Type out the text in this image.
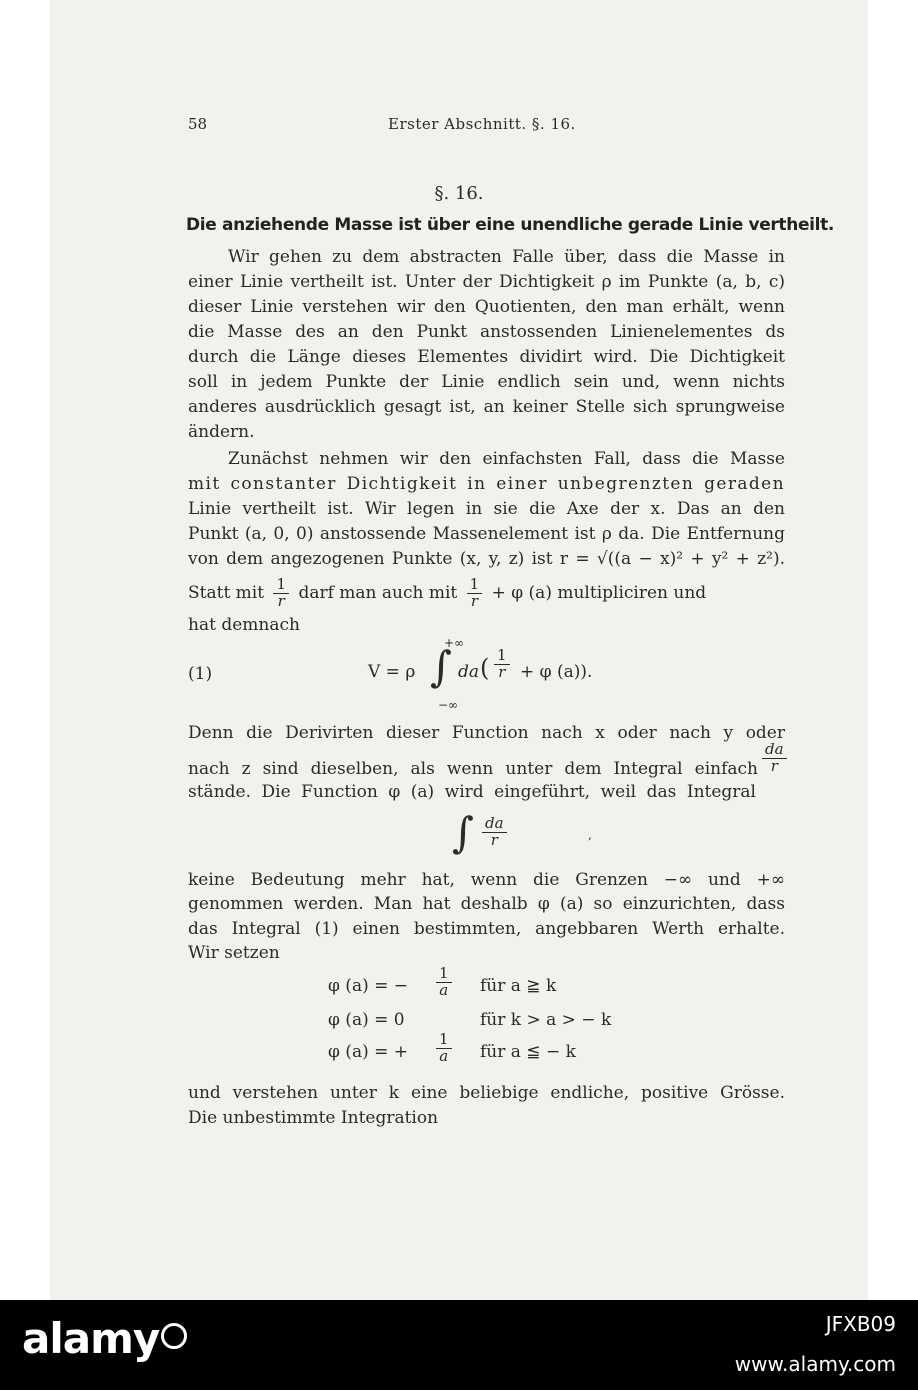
58	Erster Abschnitt. §. 16.
§. 16.
Die anziehende Masse ist über eine unendliche gerade Linie vertheilt.
Wir gehen zu dem abstracten Falle über, dass die Masse in
einer Linie vertheilt ist. Unter der Dichtigkeit ρ im Punkte (a, b, c)
dieser Linie verstehen wir den Quotienten, den man erhält, wenn
die Masse des an den Punkt anstossenden Linienelementes ds
durch die Länge dieses Elementes dividirt wird. Die Dichtigkeit
soll in jedem Punkte der Linie endlich sein und, wenn nichts
anderes ausdrücklich gesagt ist, an keiner Stelle sich sprungweise
ändern.
Zunächst nehmen wir den einfachsten Fall, dass die Masse
mit constanter Dichtigkeit in einer unbegrenzten geraden
Linie vertheilt ist. Wir legen in sie die Axe der x. Das an den
Punkt (a, 0, 0) anstossende Massenelement ist ρ da. Die Entfernung
von dem angezogenen Punkte (x, y, z) ist r = √((a − x)² + y² + z²).
Statt mit $\frac{1}{r}$ darf man auch mit $\frac{1}{r} + \varphi$ (a) multipliciren und
hat demnach
(1)
+∞
−∞
V = ρ ∫ da ( $\frac{1}{r} + \varphi$ (a)).
Denn die Derivirten dieser Function nach x oder nach y oder
nach z sind dieselben, als wenn unter dem Integral einfach $\frac{da}{r}$
stände. Die Function φ (a) wird eingeführt, weil das Integral
∫ $\frac{da}{r}$	,
keine Bedeutung mehr hat, wenn die Grenzen −∞ und +∞
genommen werden. Man hat deshalb φ (a) so einzurichten, dass
das Integral (1) einen bestimmten, angebbaren Werth erhalte.
Wir setzen
φ (a) = − $\frac{1}{a}$ für a ≧ k
φ (a) = 0	für k > a > − k
φ (a) = + $\frac{1}{a}$ für a ≦ − k
und verstehen unter k eine beliebige endliche, positive Grösse.
Die unbestimmte Integration
alamy	JFXB09
www.alamy.com
